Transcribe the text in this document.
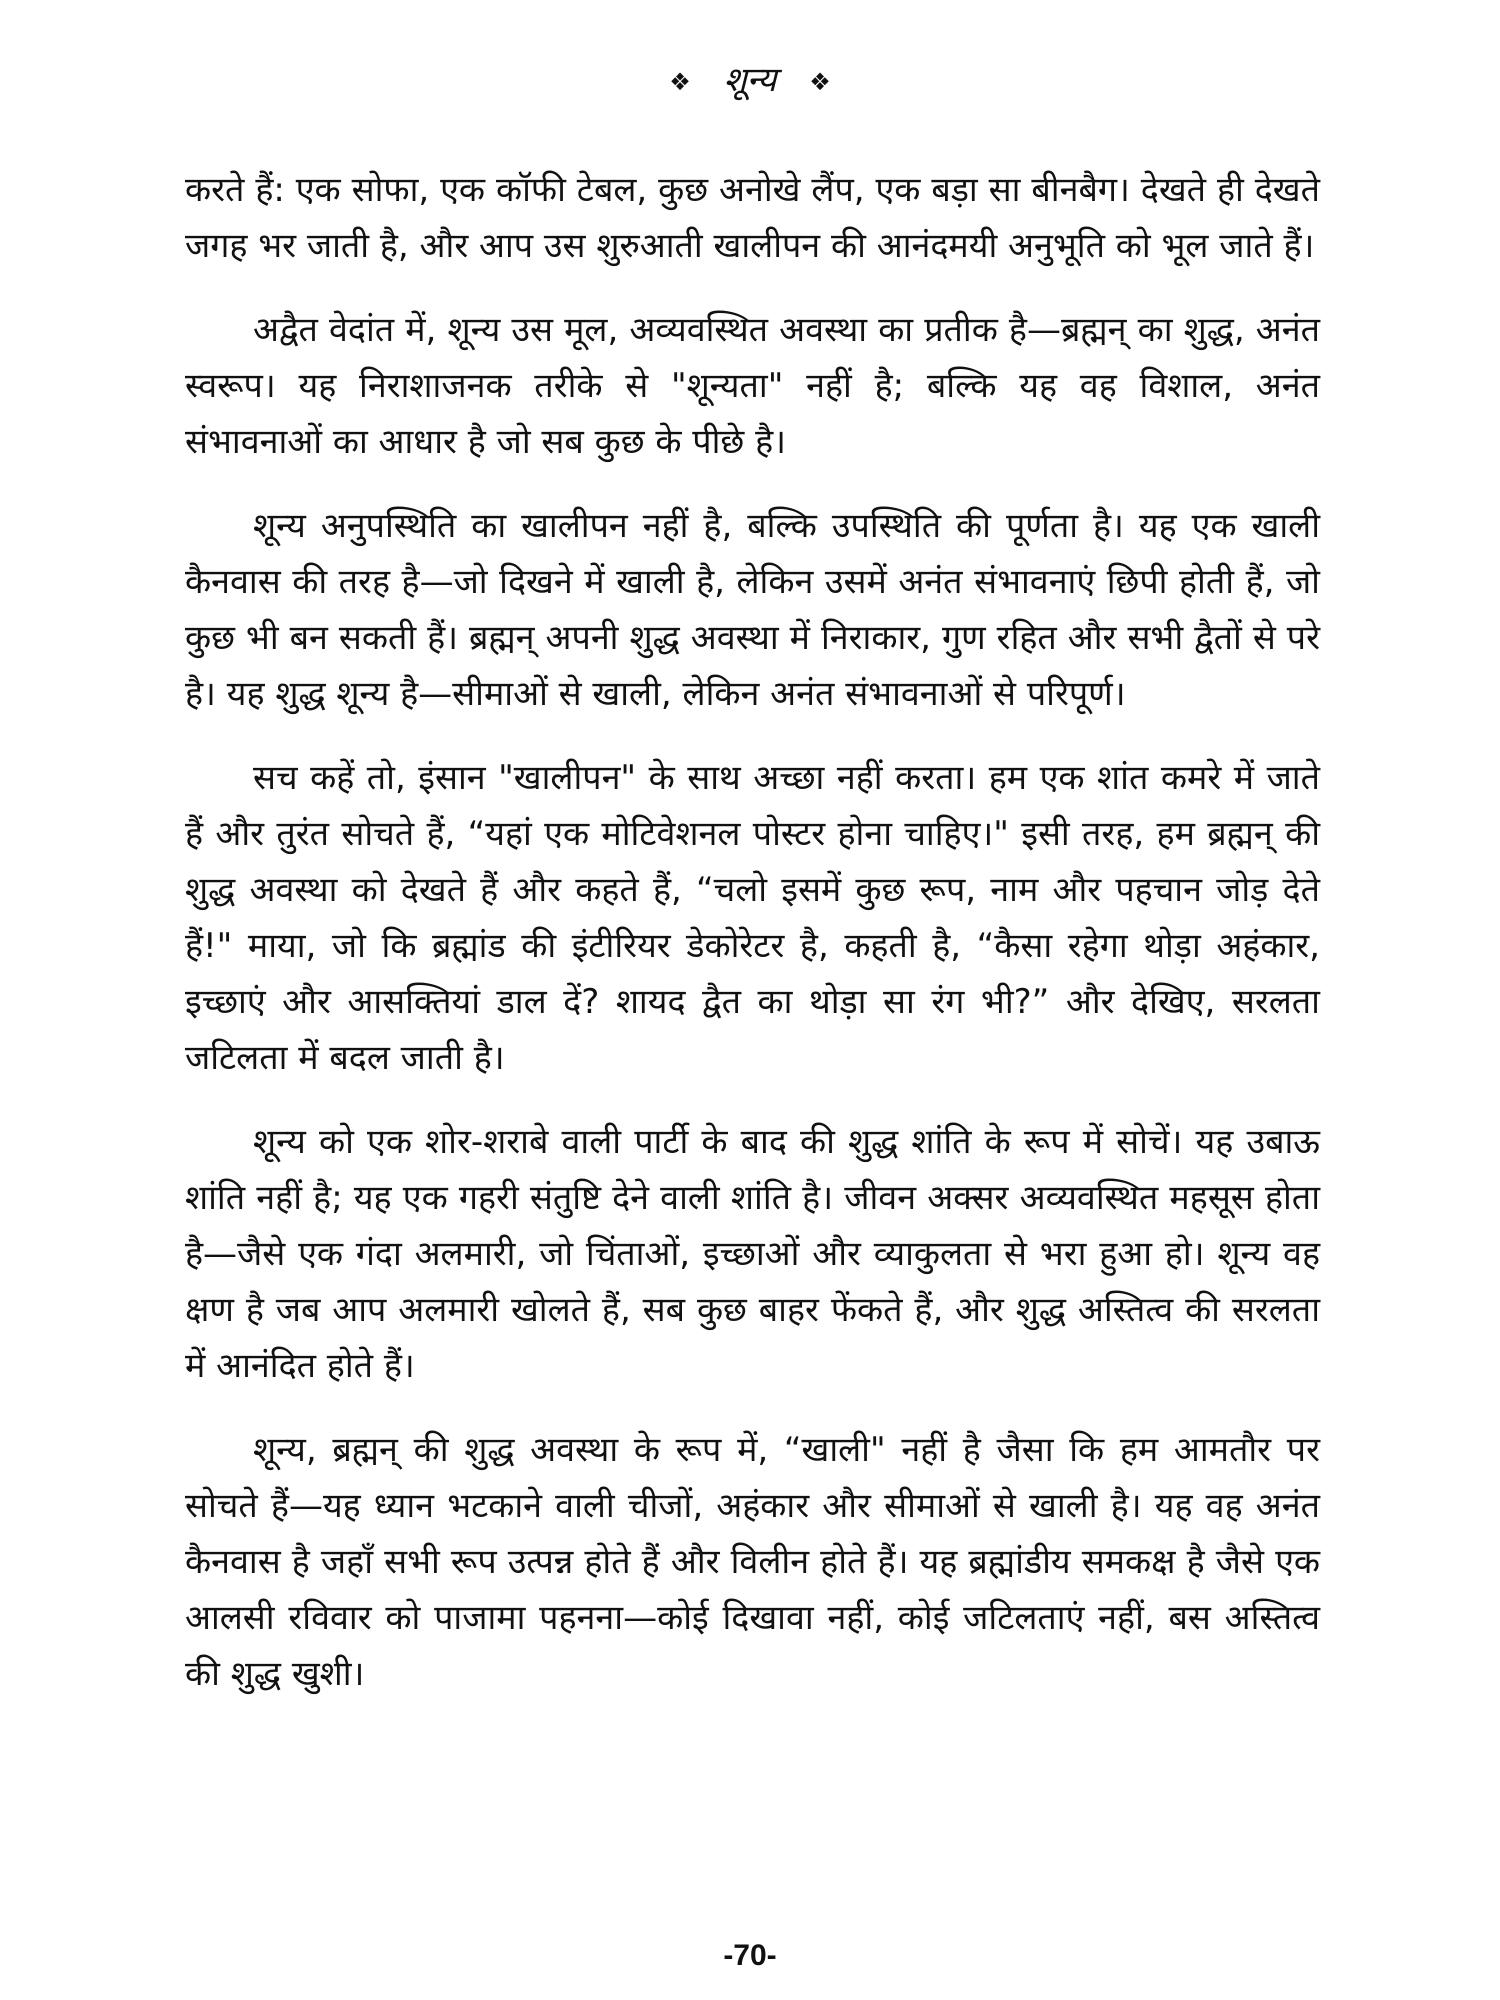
❖ शून्य ❖

करते हैं: एक सोफा, एक कॉफी टेबल, कुछ अनोखे लैंप, एक बड़ा सा बीनबैग। देखते ही देखते जगह भर जाती है, और आप उस शुरुआती खालीपन की आनंदमयी अनुभूति को भूल जाते हैं।

अद्वैत वेदांत में, शून्य उस मूल, अव्यवस्थित अवस्था का प्रतीक है—ब्रह्मन् का शुद्ध, अनंत स्वरूप। यह निराशाजनक तरीके से "शून्यता" नहीं है; बल्कि यह वह विशाल, अनंत संभावनाओं का आधार है जो सब कुछ के पीछे है।

शून्य अनुपस्थिति का खालीपन नहीं है, बल्कि उपस्थिति की पूर्णता है। यह एक खाली कैनवास की तरह है—जो दिखने में खाली है, लेकिन उसमें अनंत संभावनाएं छिपी होती हैं, जो कुछ भी बन सकती हैं। ब्रह्मन् अपनी शुद्ध अवस्था में निराकार, गुण रहित और सभी द्वैतों से परे है। यह शुद्ध शून्य है—सीमाओं से खाली, लेकिन अनंत संभावनाओं से परिपूर्ण।

सच कहें तो, इंसान "खालीपन" के साथ अच्छा नहीं करता। हम एक शांत कमरे में जाते हैं और तुरंत सोचते हैं, “यहां एक मोटिवेशनल पोस्टर होना चाहिए।" इसी तरह, हम ब्रह्मन् की शुद्ध अवस्था को देखते हैं और कहते हैं, “चलो इसमें कुछ रूप, नाम और पहचान जोड़ देते हैं!" माया, जो कि ब्रह्मांड की इंटीरियर डेकोरेटर है, कहती है, “कैसा रहेगा थोड़ा अहंकार, इच्छाएं और आसक्तियां डाल दें? शायद द्वैत का थोड़ा सा रंग भी?” और देखिए, सरलता जटिलता में बदल जाती है।

शून्य को एक शोर-शराबे वाली पार्टी के बाद की शुद्ध शांति के रूप में सोचें। यह उबाऊ शांति नहीं है; यह एक गहरी संतुष्टि देने वाली शांति है। जीवन अक्सर अव्यवस्थित महसूस होता है—जैसे एक गंदा अलमारी, जो चिंताओं, इच्छाओं और व्याकुलता से भरा हुआ हो। शून्य वह क्षण है जब आप अलमारी खोलते हैं, सब कुछ बाहर फेंकते हैं, और शुद्ध अस्तित्व की सरलता में आनंदित होते हैं।

शून्य, ब्रह्मन् की शुद्ध अवस्था के रूप में, “खाली" नहीं है जैसा कि हम आमतौर पर सोचते हैं—यह ध्यान भटकाने वाली चीजों, अहंकार और सीमाओं से खाली है। यह वह अनंत कैनवास है जहाँ सभी रूप उत्पन्न होते हैं और विलीन होते हैं। यह ब्रह्मांडीय समकक्ष है जैसे एक आलसी रविवार को पाजामा पहनना—कोई दिखावा नहीं, कोई जटिलताएं नहीं, बस अस्तित्व की शुद्ध खुशी।

-70-
